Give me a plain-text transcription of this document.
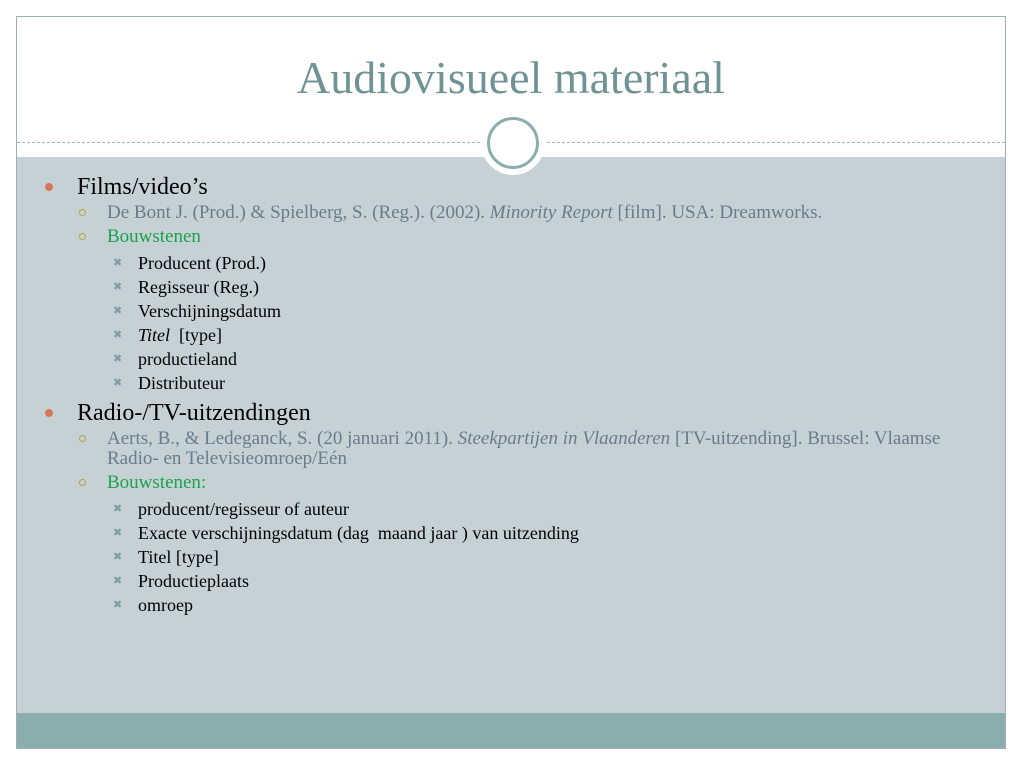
Audiovisueel materiaal
Films/video’s
De Bont J. (Prod.) & Spielberg, S. (Reg.). (2002). Minority Report [film]. USA: Dreamworks.
Bouwstenen
✖ Producent (Prod.)
✖ Regisseur (Reg.)
✖ Verschijningsdatum
✖ Titel  [type]
✖ productieland
✖ Distributeur
Radio-/TV-uitzendingen
Aerts, B., & Ledeganck, S. (20 januari 2011). Steekpartijen in Vlaanderen [TV-uitzending]. Brussel: Vlaamse Radio- en Televisieomroep/Eén
Bouwstenen:
✖ producent/regisseur of auteur
✖ Exacte verschijningsdatum (dag  maand jaar ) van uitzending
✖ Titel [type]
✖ Productieplaats
✖ omroep
